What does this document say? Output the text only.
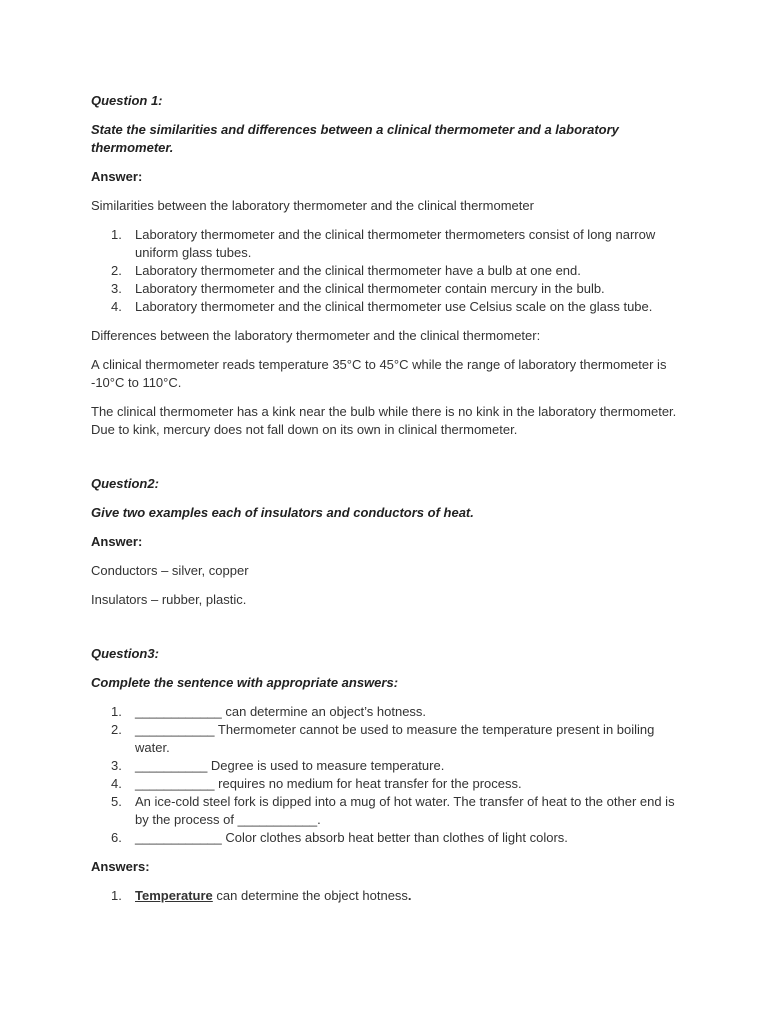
Question 1:

State the similarities and differences between a clinical thermometer and a laboratory thermometer.

Answer:

Similarities between the laboratory thermometer and the clinical thermometer

1. Laboratory thermometer and the clinical thermometer thermometers consist of long narrow uniform glass tubes.
2. Laboratory thermometer and the clinical thermometer have a bulb at one end.
3. Laboratory thermometer and the clinical thermometer contain mercury in the bulb.
4. Laboratory thermometer and the clinical thermometer use Celsius scale on the glass tube.

Differences between the laboratory thermometer and the clinical thermometer:

A clinical thermometer reads temperature 35°C to 45°C while the range of laboratory thermometer is -10°C to 110°C.

The clinical thermometer has a kink near the bulb while there is no kink in the laboratory thermometer. Due to kink, mercury does not fall down on its own in clinical thermometer.

Question2:

Give two examples each of insulators and conductors of heat.

Answer:

Conductors – silver, copper

Insulators – rubber, plastic.

Question3:

Complete the sentence with appropriate answers:

1. ____________ can determine an object’s hotness.
2. ___________ Thermometer cannot be used to measure the temperature present in boiling water.
3. __________ Degree is used to measure temperature.
4. ___________ requires no medium for heat transfer for the process.
5. An ice-cold steel fork is dipped into a mug of hot water. The transfer of heat to the other end is by the process of ___________.
6. ____________ Color clothes absorb heat better than clothes of light colors.

Answers:

1. Temperature can determine the object hotness.
